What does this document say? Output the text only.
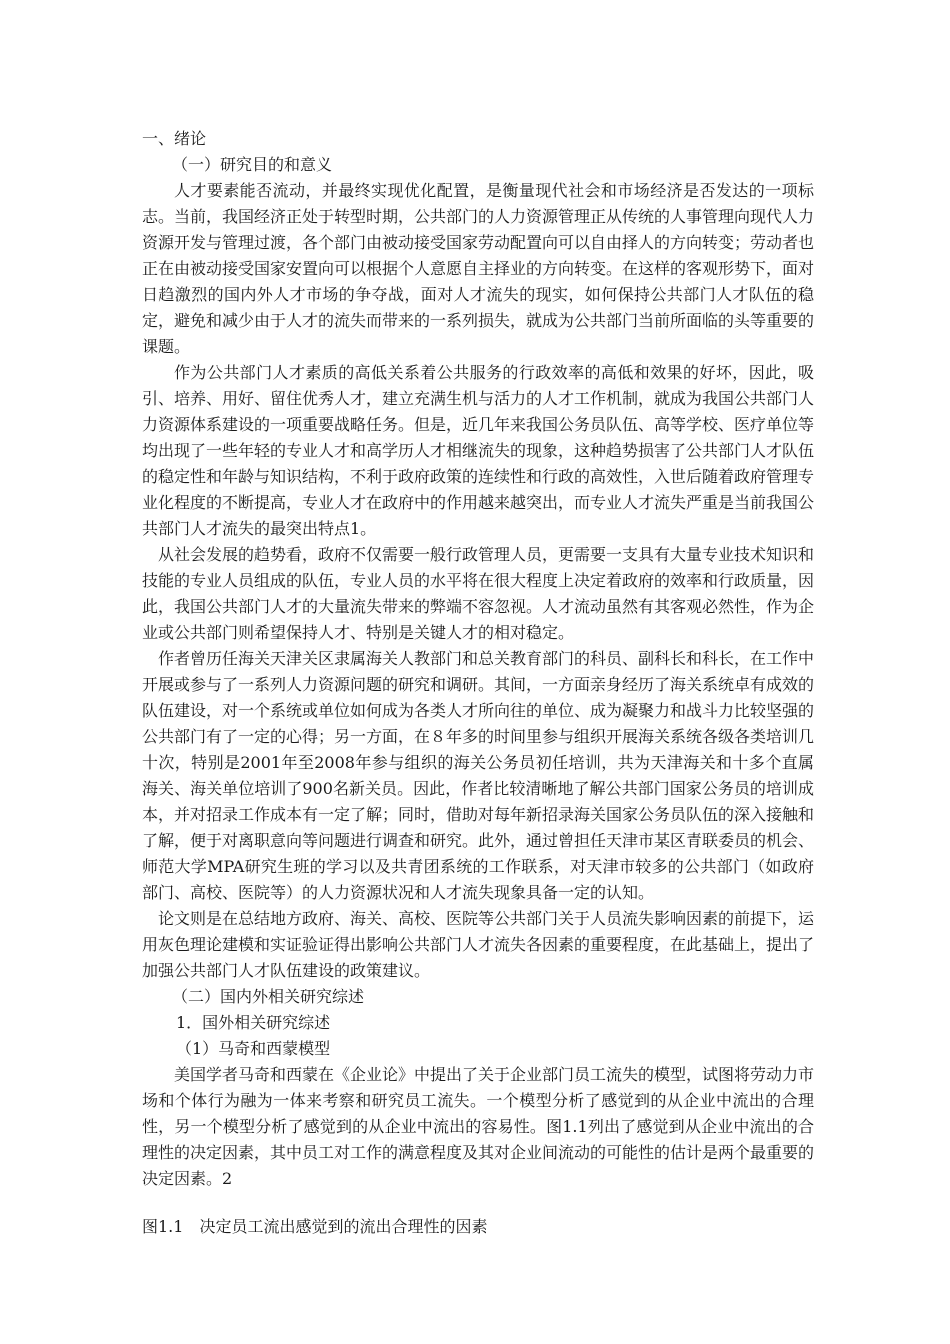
一、绪论
（一）研究目的和意义

人才要素能否流动，并最终实现优化配置，是衡量现代社会和市场经济是否发达的一项标志。当前，我国经济正处于转型时期，公共部门的人力资源管理正从传统的人事管理向现代人力资源开发与管理过渡，各个部门由被动接受国家劳动配置向可以自由择人的方向转变；劳动者也正在由被动接受国家安置向可以根据个人意愿自主择业的方向转变。在这样的客观形势下，面对日趋激烈的国内外人才市场的争夺战，面对人才流失的现实，如何保持公共部门人才队伍的稳定，避免和减少由于人才的流失而带来的一系列损失，就成为公共部门当前所面临的头等重要的课题。

作为公共部门人才素质的高低关系着公共服务的行政效率的高低和效果的好坏，因此，吸引、培养、用好、留住优秀人才，建立充满生机与活力的人才工作机制，就成为我国公共部门人力资源体系建设的一项重要战略任务。但是，近几年来我国公务员队伍、高等学校、医疗单位等均出现了一些年轻的专业人才和高学历人才相继流失的现象，这种趋势损害了公共部门人才队伍的稳定性和年龄与知识结构，不利于政府政策的连续性和行政的高效性，入世后随着政府管理专业化程度的不断提高，专业人才在政府中的作用越来越突出，而专业人才流失严重是当前我国公共部门人才流失的最突出特点1。

从社会发展的趋势看，政府不仅需要一般行政管理人员，更需要一支具有大量专业技术知识和技能的专业人员组成的队伍，专业人员的水平将在很大程度上决定着政府的效率和行政质量，因此，我国公共部门人才的大量流失带来的弊端不容忽视。人才流动虽然有其客观必然性，作为企业或公共部门则希望保持人才、特别是关键人才的相对稳定。

作者曾历任海关天津关区隶属海关人教部门和总关教育部门的科员、副科长和科长，在工作中开展或参与了一系列人力资源问题的研究和调研。其间，一方面亲身经历了海关系统卓有成效的队伍建设，对一个系统或单位如何成为各类人才所向往的单位、成为凝聚力和战斗力比较坚强的公共部门有了一定的心得；另一方面，在８年多的时间里参与组织开展海关系统各级各类培训几十次，特别是2001年至2008年参与组织的海关公务员初任培训，共为天津海关和十多个直属海关、海关单位培训了900名新关员。因此，作者比较清晰地了解公共部门国家公务员的培训成本，并对招录工作成本有一定了解；同时，借助对每年新招录海关国家公务员队伍的深入接触和了解，便于对离职意向等问题进行调查和研究。此外，通过曾担任天津市某区青联委员的机会、师范大学MPA研究生班的学习以及共青团系统的工作联系，对天津市较多的公共部门（如政府部门、高校、医院等）的人力资源状况和人才流失现象具备一定的认知。

论文则是在总结地方政府、海关、高校、医院等公共部门关于人员流失影响因素的前提下，运用灰色理论建模和实证验证得出影响公共部门人才流失各因素的重要程度，在此基础上，提出了加强公共部门人才队伍建设的政策建议。

（二）国内外相关研究综述
1．国外相关研究综述
（1）马奇和西蒙模型

美国学者马奇和西蒙在《企业论》中提出了关于企业部门员工流失的模型，试图将劳动力市场和个体行为融为一体来考察和研究员工流失。一个模型分析了感觉到的从企业中流出的合理性，另一个模型分析了感觉到的从企业中流出的容易性。图1.1列出了感觉到从企业中流出的合理性的决定因素，其中员工对工作的满意程度及其对企业间流动的可能性的估计是两个最重要的决定因素。2

图1.1　决定员工流出感觉到的流出合理性的因素
